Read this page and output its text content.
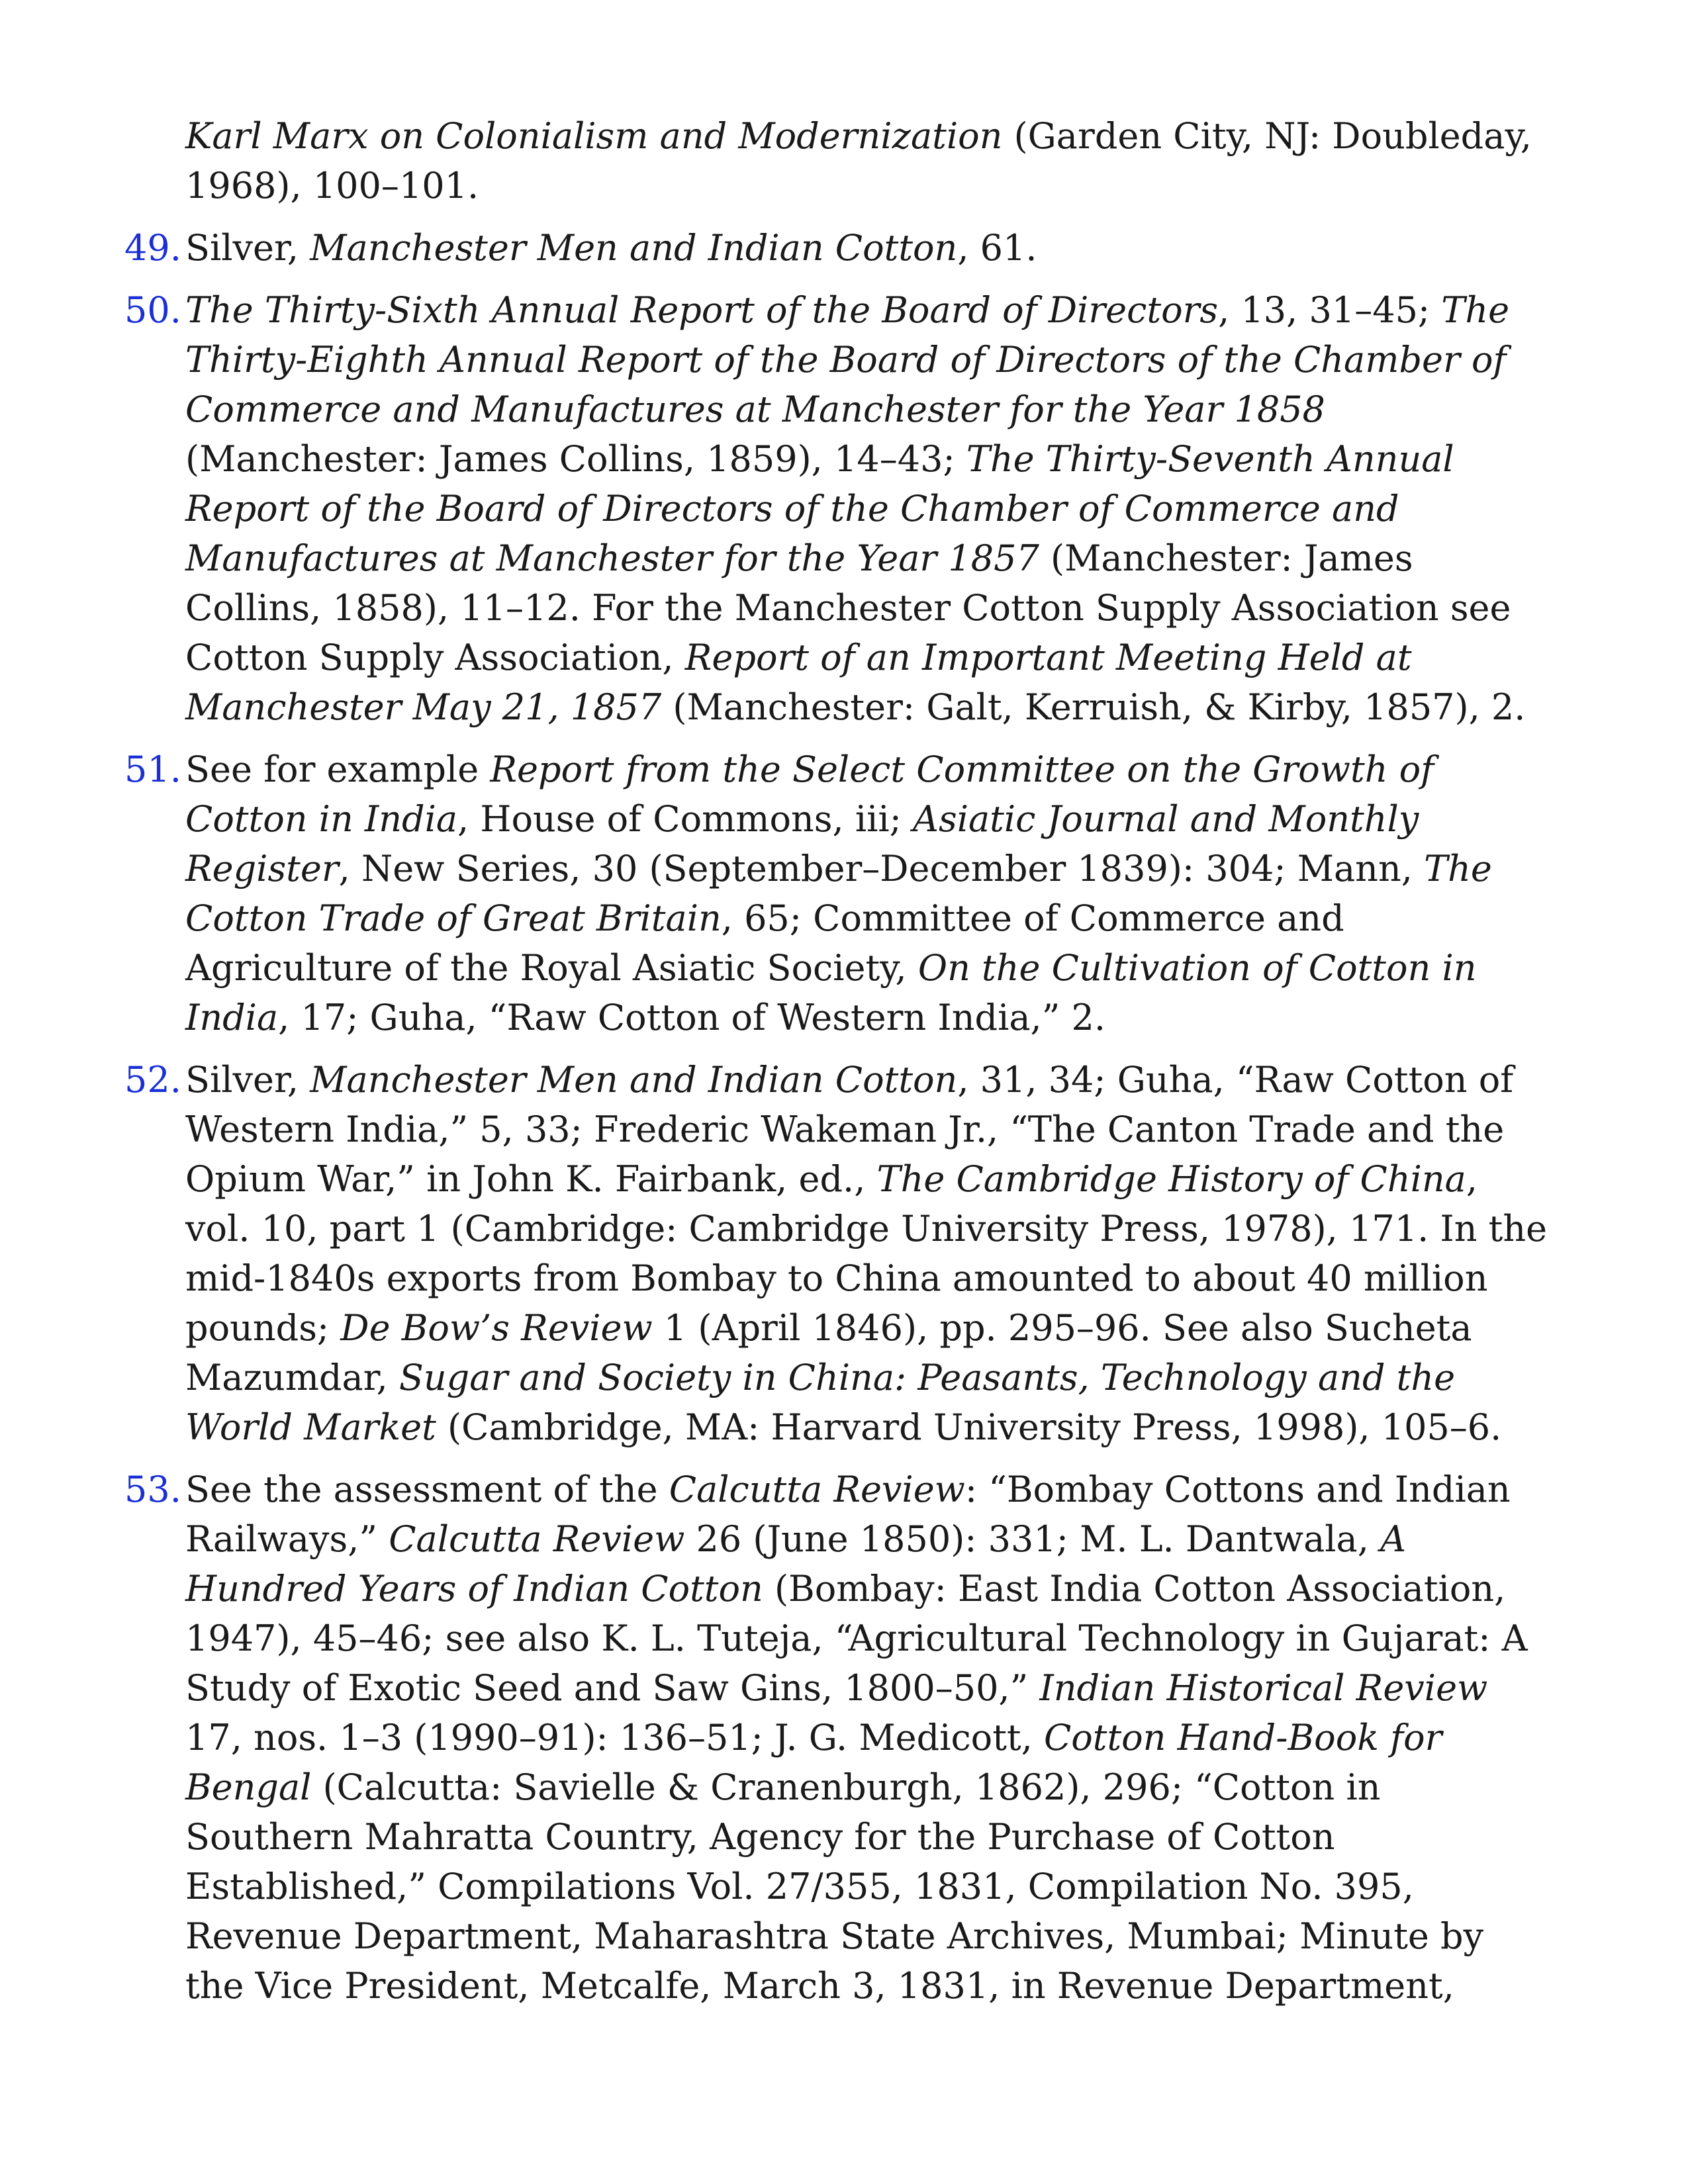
Karl Marx on Colonialism and Modernization (Garden City, NJ: Doubleday, 1968), 100–101.
49. Silver, Manchester Men and Indian Cotton, 61.
50. The Thirty-Sixth Annual Report of the Board of Directors, 13, 31–45; The Thirty-Eighth Annual Report of the Board of Directors of the Chamber of Commerce and Manufactures at Manchester for the Year 1858 (Manchester: James Collins, 1859), 14–43; The Thirty-Seventh Annual Report of the Board of Directors of the Chamber of Commerce and Manufactures at Manchester for the Year 1857 (Manchester: James Collins, 1858), 11–12. For the Manchester Cotton Supply Association see Cotton Supply Association, Report of an Important Meeting Held at Manchester May 21, 1857 (Manchester: Galt, Kerruish, & Kirby, 1857), 2.
51. See for example Report from the Select Committee on the Growth of Cotton in India, House of Commons, iii; Asiatic Journal and Monthly Register, New Series, 30 (September–December 1839): 304; Mann, The Cotton Trade of Great Britain, 65; Committee of Commerce and Agriculture of the Royal Asiatic Society, On the Cultivation of Cotton in India, 17; Guha, “Raw Cotton of Western India,” 2.
52. Silver, Manchester Men and Indian Cotton, 31, 34; Guha, “Raw Cotton of Western India,” 5, 33; Frederic Wakeman Jr., “The Canton Trade and the Opium War,” in John K. Fairbank, ed., The Cambridge History of China, vol. 10, part 1 (Cambridge: Cambridge University Press, 1978), 171. In the mid-1840s exports from Bombay to China amounted to about 40 million pounds; De Bow’s Review 1 (April 1846), pp. 295–96. See also Sucheta Mazumdar, Sugar and Society in China: Peasants, Technology and the World Market (Cambridge, MA: Harvard University Press, 1998), 105–6.
53. See the assessment of the Calcutta Review: “Bombay Cottons and Indian Railways,” Calcutta Review 26 (June 1850): 331; M. L. Dantwala, A Hundred Years of Indian Cotton (Bombay: East India Cotton Association, 1947), 45–46; see also K. L. Tuteja, “Agricultural Technology in Gujarat: A Study of Exotic Seed and Saw Gins, 1800–50,” Indian Historical Review 17, nos. 1–3 (1990–91): 136–51; J. G. Medicott, Cotton Hand-Book for Bengal (Calcutta: Savielle & Cranenburgh, 1862), 296; “Cotton in Southern Mahratta Country, Agency for the Purchase of Cotton Established,” Compilations Vol. 27/355, 1831, Compilation No. 395, Revenue Department, Maharashtra State Archives, Mumbai; Minute by the Vice President, Metcalfe, March 3, 1831, in Revenue Department,
